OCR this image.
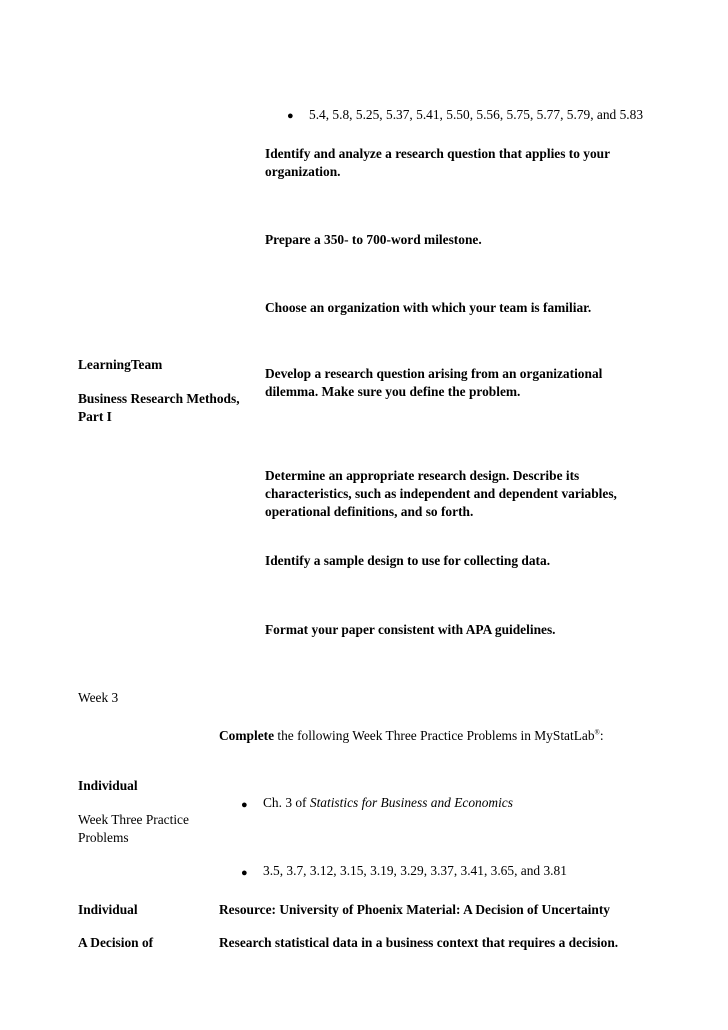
● 5.4, 5.8, 5.25, 5.37, 5.41, 5.50, 5.56, 5.75, 5.77, 5.79, and 5.83
Identify and analyze a research question that applies to your organization.
Prepare a 350- to 700-word milestone.
Choose an organization with which your team is familiar.
LearningTeam
Business Research Methods, Part I
Develop a research question arising from an organizational dilemma. Make sure you define the problem.
Determine an appropriate research design. Describe its characteristics, such as independent and dependent variables, operational definitions, and so forth.
Identify a sample design to use for collecting data.
Format your paper consistent with APA guidelines.
Week 3
Complete the following Week Three Practice Problems in MyStatLab®:
Individual
Week Three Practice Problems
● Ch. 3 of Statistics for Business and Economics
● 3.5, 3.7, 3.12, 3.15, 3.19, 3.29, 3.37, 3.41, 3.65, and 3.81
Individual	Resource: University of Phoenix Material: A Decision of Uncertainty
A Decision of	Research statistical data in a business context that requires a decision.
